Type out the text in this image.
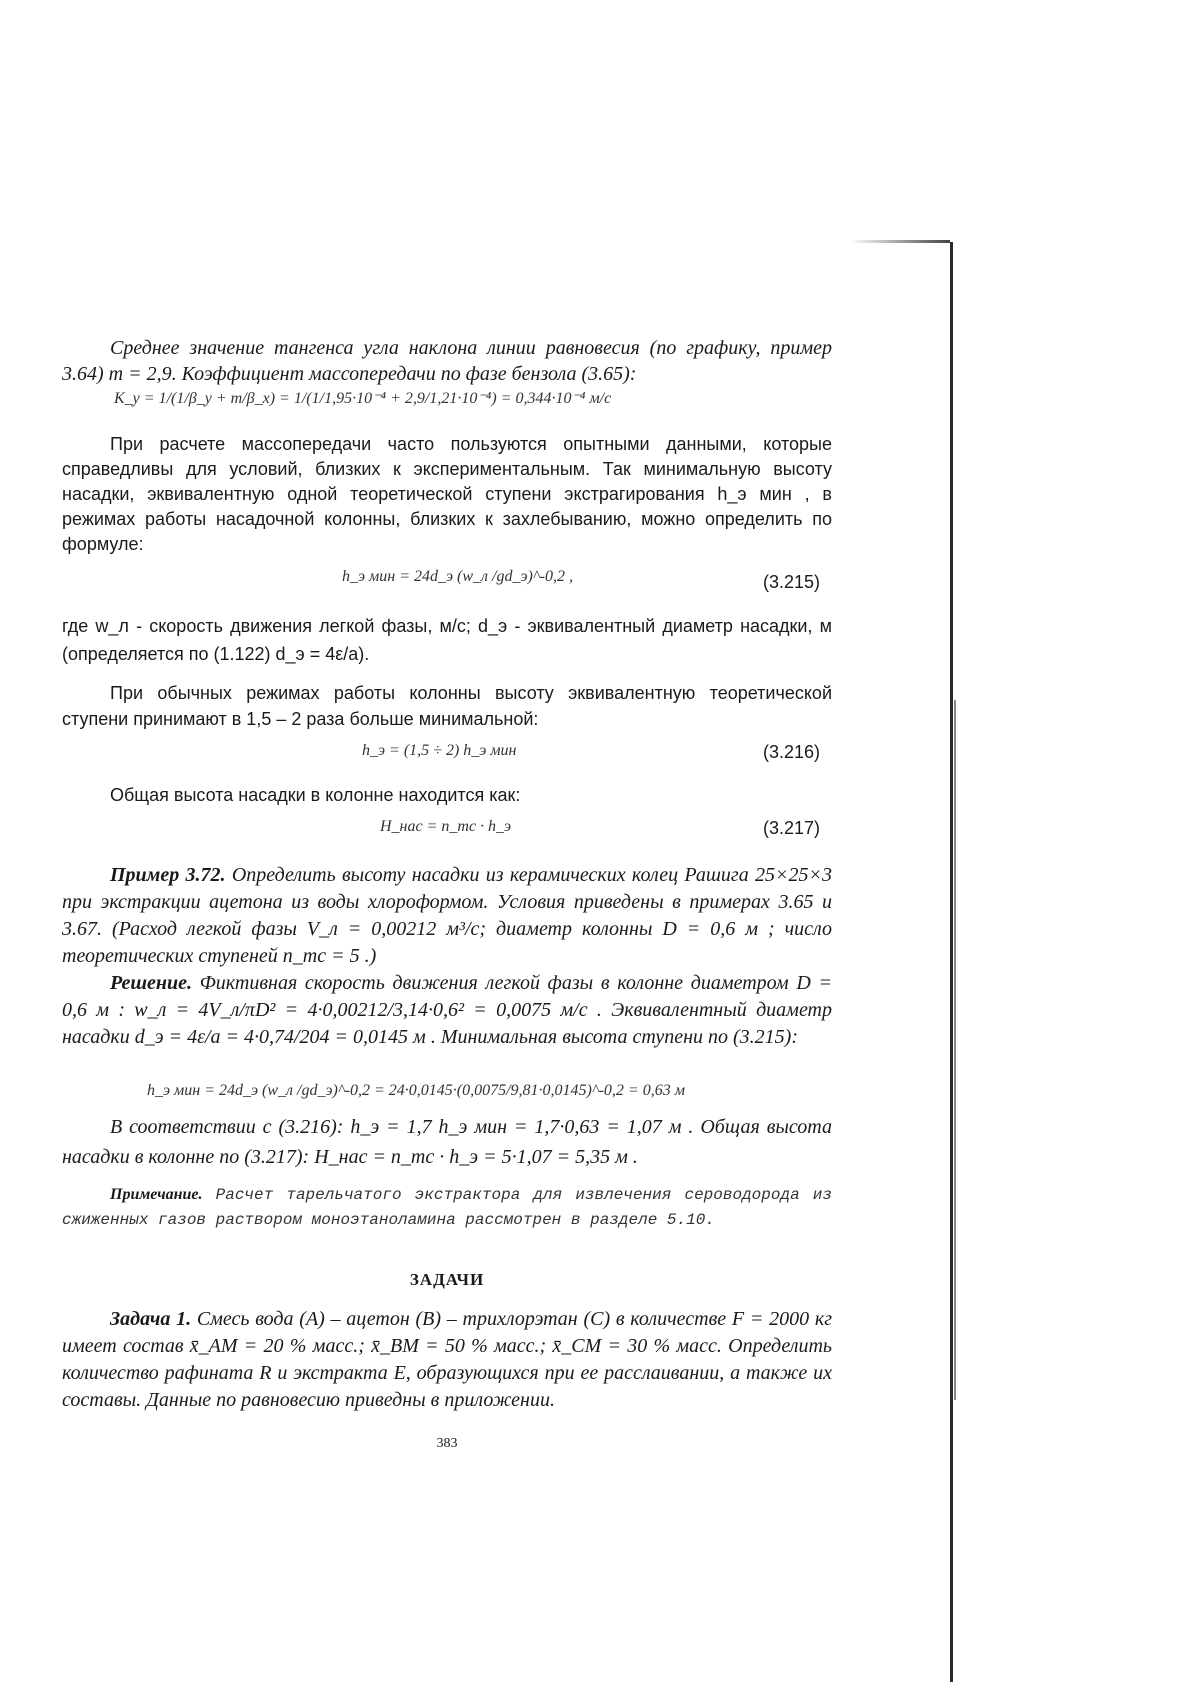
Среднее значение тангенса угла наклона линии равновесия (по графику, пример 3.64) m = 2,9. Коэффициент массопередачи по фазе бензола (3.65):

K_y = 1/(1/β_y + m/β_x) = 1/(1/1,95·10⁻⁴ + 2,9/1,21·10⁻⁴) = 0,344·10⁻⁴ м/с

При расчете массопередачи часто пользуются опытными данными, которые справедливы для условий, близких к экспериментальным. Так минимальную высоту насадки, эквивалентную одной теоретической ступени экстрагирования h_э мин , в режимах работы насадочной колонны, близких к захлебыванию, можно определить по формуле:

h_э мин = 24d_э (w_л /gd_э)^-0,2 ,	(3.215)

где w_л - скорость движения легкой фазы, м/с; d_э - эквивалентный диаметр насадки, м (определяется по (1.122) d_э = 4ε/a).

При обычных режимах работы колонны высоту эквивалентную теоретической ступени принимают в 1,5 – 2 раза больше минимальной:

h_э = (1,5 ÷ 2) h_э мин	(3.216)

Общая высота насадки в колонне находится как:

H_нас = n_тс · h_э	(3.217)

Пример 3.72. Определить высоту насадки из керамических колец Рашига 25×25×3 при экстракции ацетона из воды хлороформом. Условия приведены в примерах 3.65 и 3.67. (Расход легкой фазы V_л = 0,00212 м³/с; диаметр колонны D = 0,6 м ; число теоретических ступеней n_тс = 5 .)

Решение. Фиктивная скорость движения легкой фазы в колонне диаметром D = 0,6 м : w_л = 4V_л/πD² = 4·0,00212/3,14·0,6² = 0,0075 м/с . Эквивалентный диаметр насадки d_э = 4ε/a = 4·0,74/204 = 0,0145 м . Минимальная высота ступени по (3.215):

h_э мин = 24d_э (w_л /gd_э)^-0,2 = 24·0,0145·(0,0075/9,81·0,0145)^-0,2 = 0,63 м

В соответствии с (3.216): h_э = 1,7 h_э мин = 1,7·0,63 = 1,07 м . Общая высота насадки в колонне по (3.217): H_нас = n_тс · h_э = 5·1,07 = 5,35 м .

Примечание. Расчет тарельчатого экстрактора для извлечения сероводорода из сжиженных газов раствором моноэтаноламина рассмотрен в разделе 5.10.

ЗАДАЧИ

Задача 1. Смесь вода (A) – ацетон (B) – трихлорэтан (C) в количестве F = 2000 кг имеет состав x̄_AM = 20 % масс.; x̄_BM = 50 % масс.; x̄_CM = 30 % масс. Определить количество рафината R и экстракта E, образующихся при ее расслаивании, а также их составы. Данные по равновесию приведны в приложении.

383
